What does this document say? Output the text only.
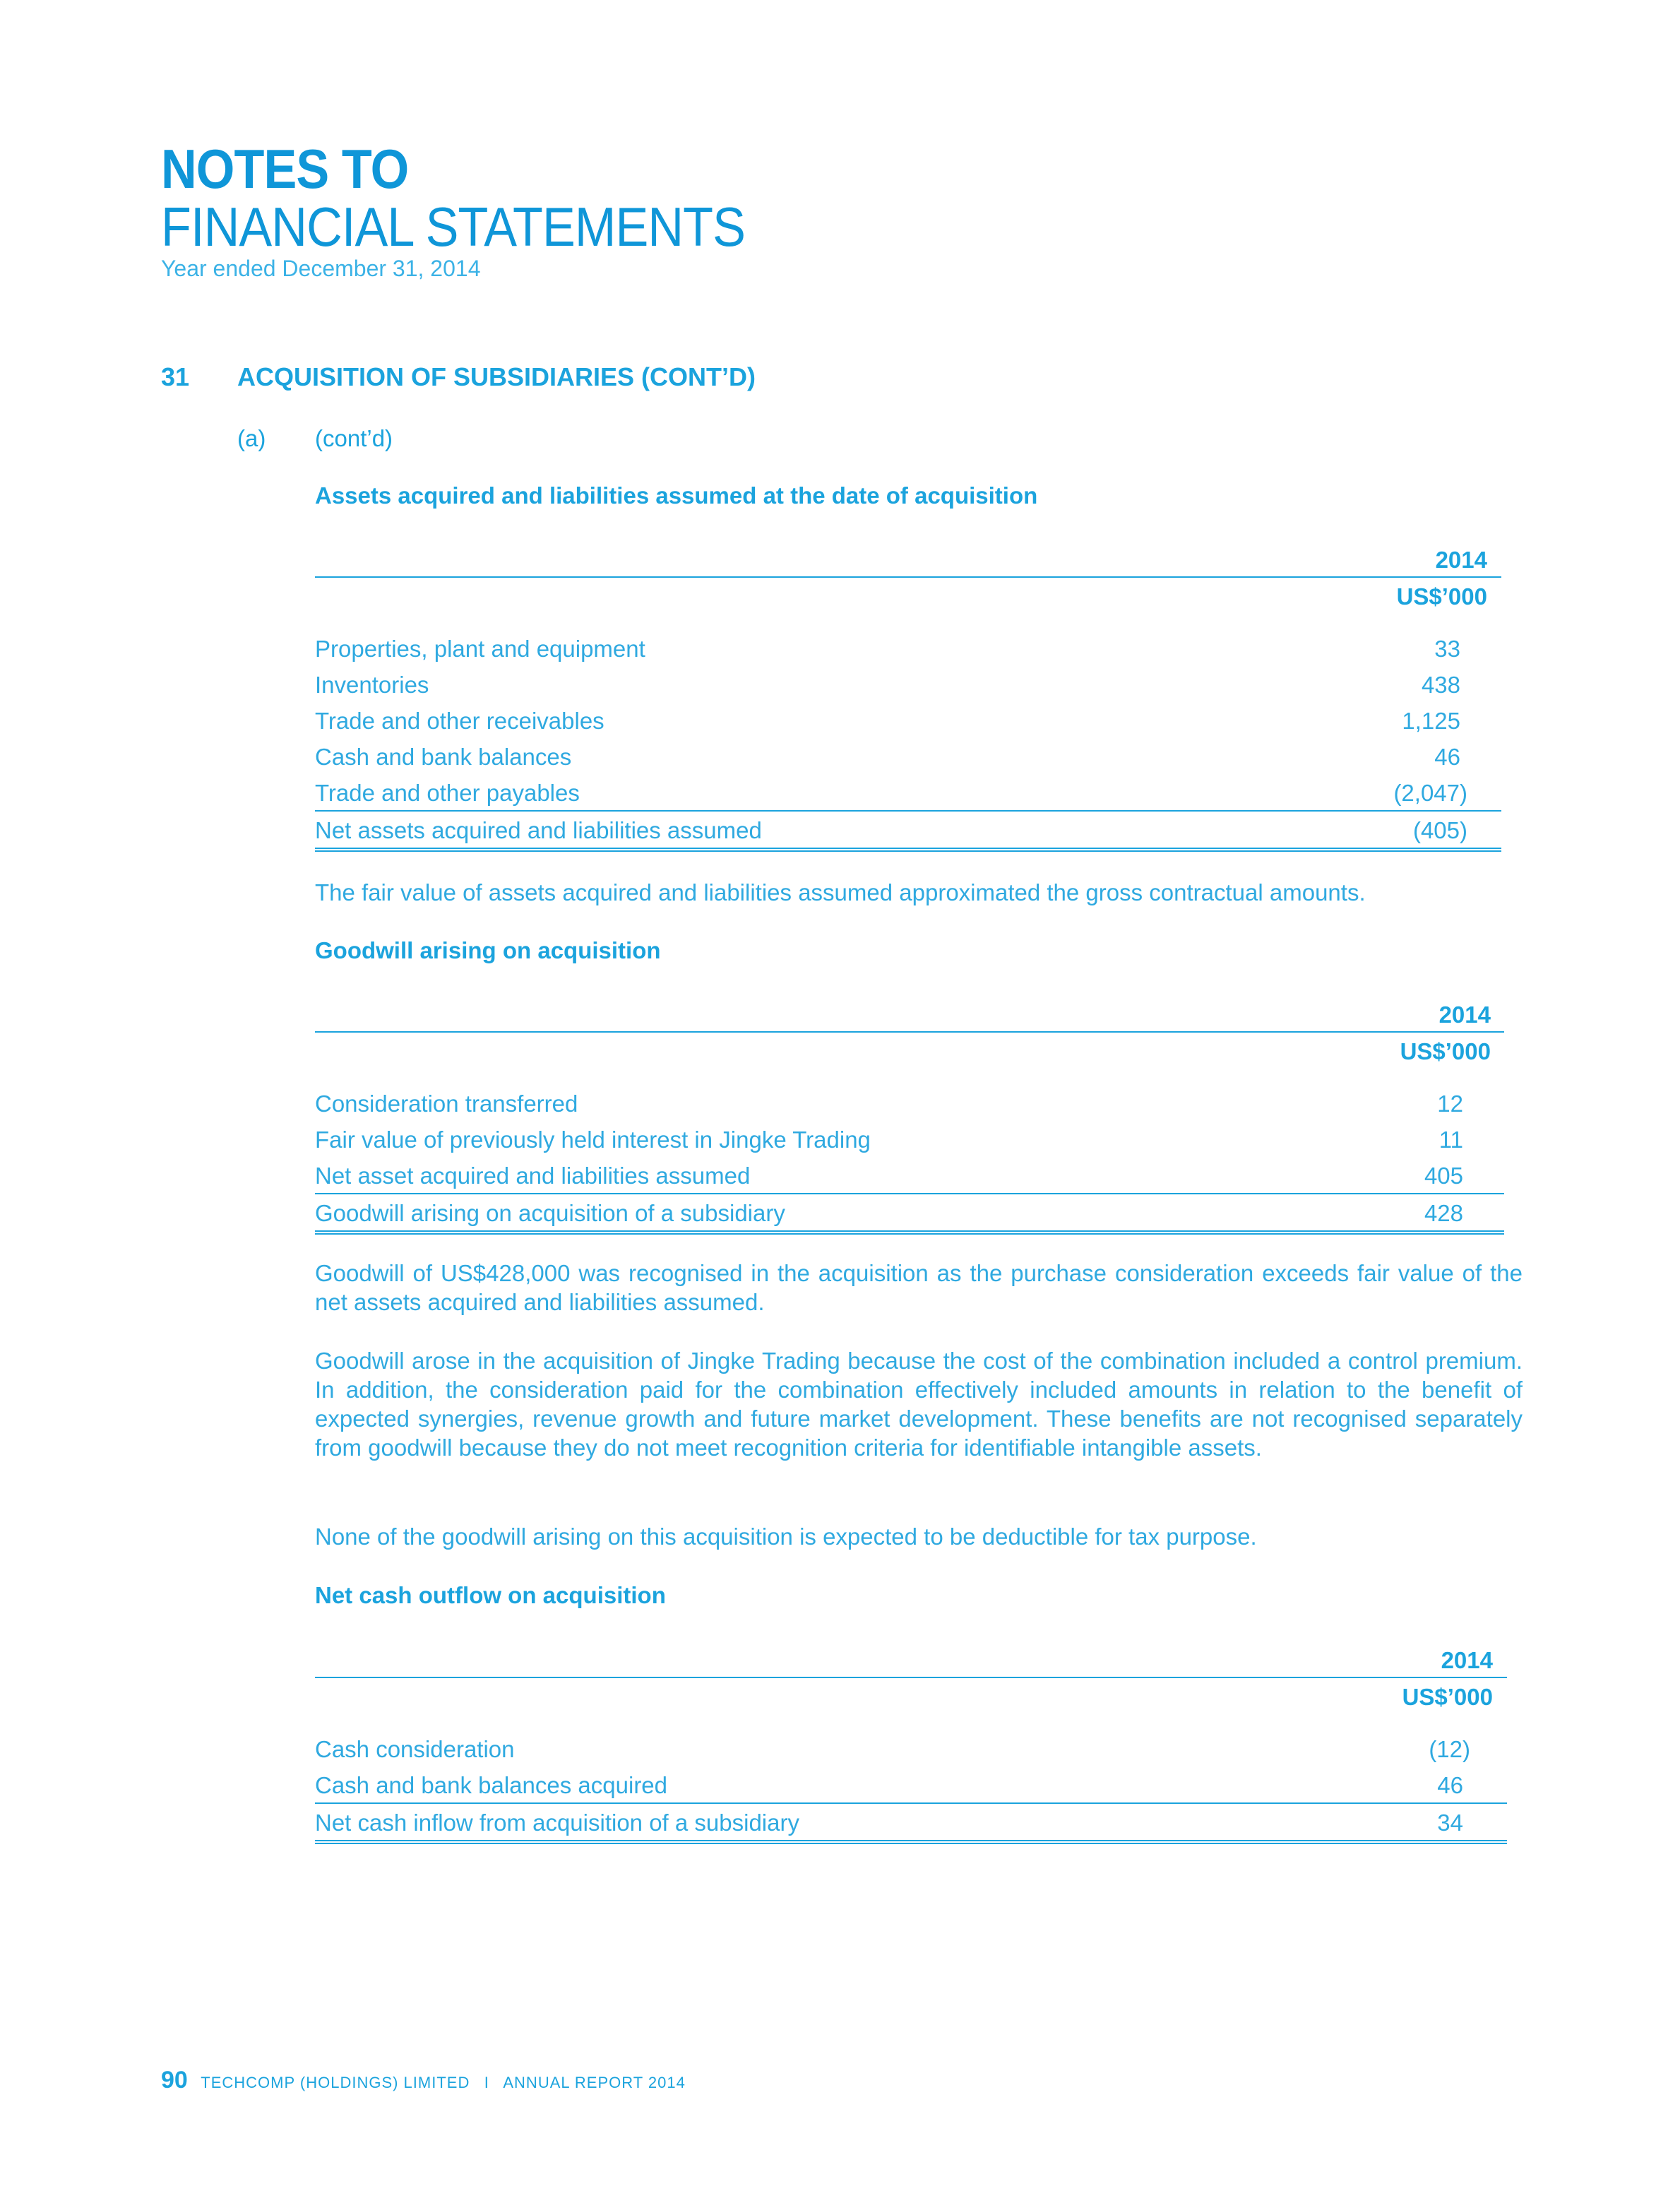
NOTES TO
FINANCIAL STATEMENTS
Year ended December 31, 2014
31 ACQUISITION OF SUBSIDIARIES (CONT’D)
(a) (cont’d)
Assets acquired and liabilities assumed at the date of acquisition
2014
US$’000
Properties, plant and equipment	33
Inventories	438
Trade and other receivables	1,125
Cash and bank balances	46
Trade and other payables	(2,047)
Net assets acquired and liabilities assumed	(405)

The fair value of assets acquired and liabilities assumed approximated the gross contractual amounts.

Goodwill arising on acquisition
2014
US$’000
Consideration transferred	12
Fair value of previously held interest in Jingke Trading	11
Net asset acquired and liabilities assumed	405
Goodwill arising on acquisition of a subsidiary	428

Goodwill of US$428,000 was recognised in the acquisition as the purchase consideration exceeds fair value of the net assets acquired and liabilities assumed.

Goodwill arose in the acquisition of Jingke Trading because the cost of the combination included a control premium. In addition, the consideration paid for the combination effectively included amounts in relation to the benefit of expected synergies, revenue growth and future market development. These benefits are not recognised separately from goodwill because they do not meet recognition criteria for identifiable intangible assets.

None of the goodwill arising on this acquisition is expected to be deductible for tax purpose.

Net cash outflow on acquisition
2014
US$’000
Cash consideration	(12)
Cash and bank balances acquired	46
Net cash inflow from acquisition of a subsidiary	34
90 TECHCOMP (HOLDINGS) LIMITED I ANNUAL REPORT 2014
